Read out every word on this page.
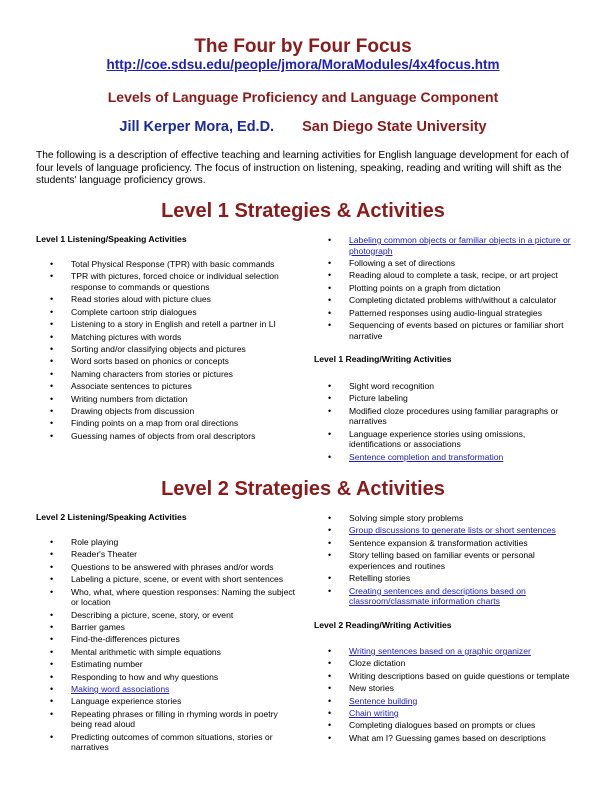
The Four by Four Focus
http://coe.sdsu.edu/people/jmora/MoraModules/4x4focus.htm
Levels of Language Proficiency and Language Component
Jill Kerper Mora, Ed.D. San Diego State University
The following is a description of effective teaching and learning activities for English language development for each of four levels of language proficiency. The focus of instruction on listening, speaking, reading and writing will shift as the students' language proficiency grows.
Level 1 Strategies & Activities
Level 1 Listening/Speaking Activities
• Total Physical Response (TPR) with basic commands
• TPR with pictures, forced choice or individual selection response to commands or questions
• Read stories aloud with picture clues
• Complete cartoon strip dialogues
• Listening to a story in English and retell a partner in LI
• Matching pictures with words
• Sorting and/or classifying objects and pictures
• Word sorts based on phonics or concepts
• Naming characters from stories or pictures
• Associate sentences to pictures
• Writing numbers from dictation
• Drawing objects from discussion
• Finding points on a map from oral directions
• Guessing names of objects from oral descriptors
• Labeling common objects or familiar objects in a picture or photograph
• Following a set of directions
• Reading aloud to complete a task, recipe, or art project
• Plotting points on a graph from dictation
• Completing dictated problems with/without a calculator
• Patterned responses using audio-lingual strategies
• Sequencing of events based on pictures or familiar short narrative
Level 1 Reading/Writing Activities
• Sight word recognition
• Picture labeling
• Modified cloze procedures using familiar paragraphs or narratives
• Language experience stories using omissions, identifications or associations
• Sentence completion and transformation
Level 2 Strategies & Activities
Level 2 Listening/Speaking Activities
• Role playing
• Reader's Theater
• Questions to be answered with phrases and/or words
• Labeling a picture, scene, or event with short sentences
• Who, what, where question responses: Naming the subject or location
• Describing a picture, scene, story, or event
• Barrier games
• Find-the-differences pictures
• Mental arithmetic with simple equations
• Estimating number
• Responding to how and why questions
• Making word associations
• Language experience stories
• Repeating phrases or filling in rhyming words in poetry being read aloud
• Predicting outcomes of common situations, stories or narratives
• Solving simple story problems
• Group discussions to generate lists or short sentences
• Sentence expansion & transformation activities
• Story telling based on familiar events or personal experiences and routines
• Retelling stories
• Creating sentences and descriptions based on classroom/classmate information charts
Level 2 Reading/Writing Activities
• Writing sentences based on a graphic organizer
• Cloze dictation
• Writing descriptions based on guide questions or template
• New stories
• Sentence building
• Chain writing
• Completing dialogues based on prompts or clues
• What am I? Guessing games based on descriptions
